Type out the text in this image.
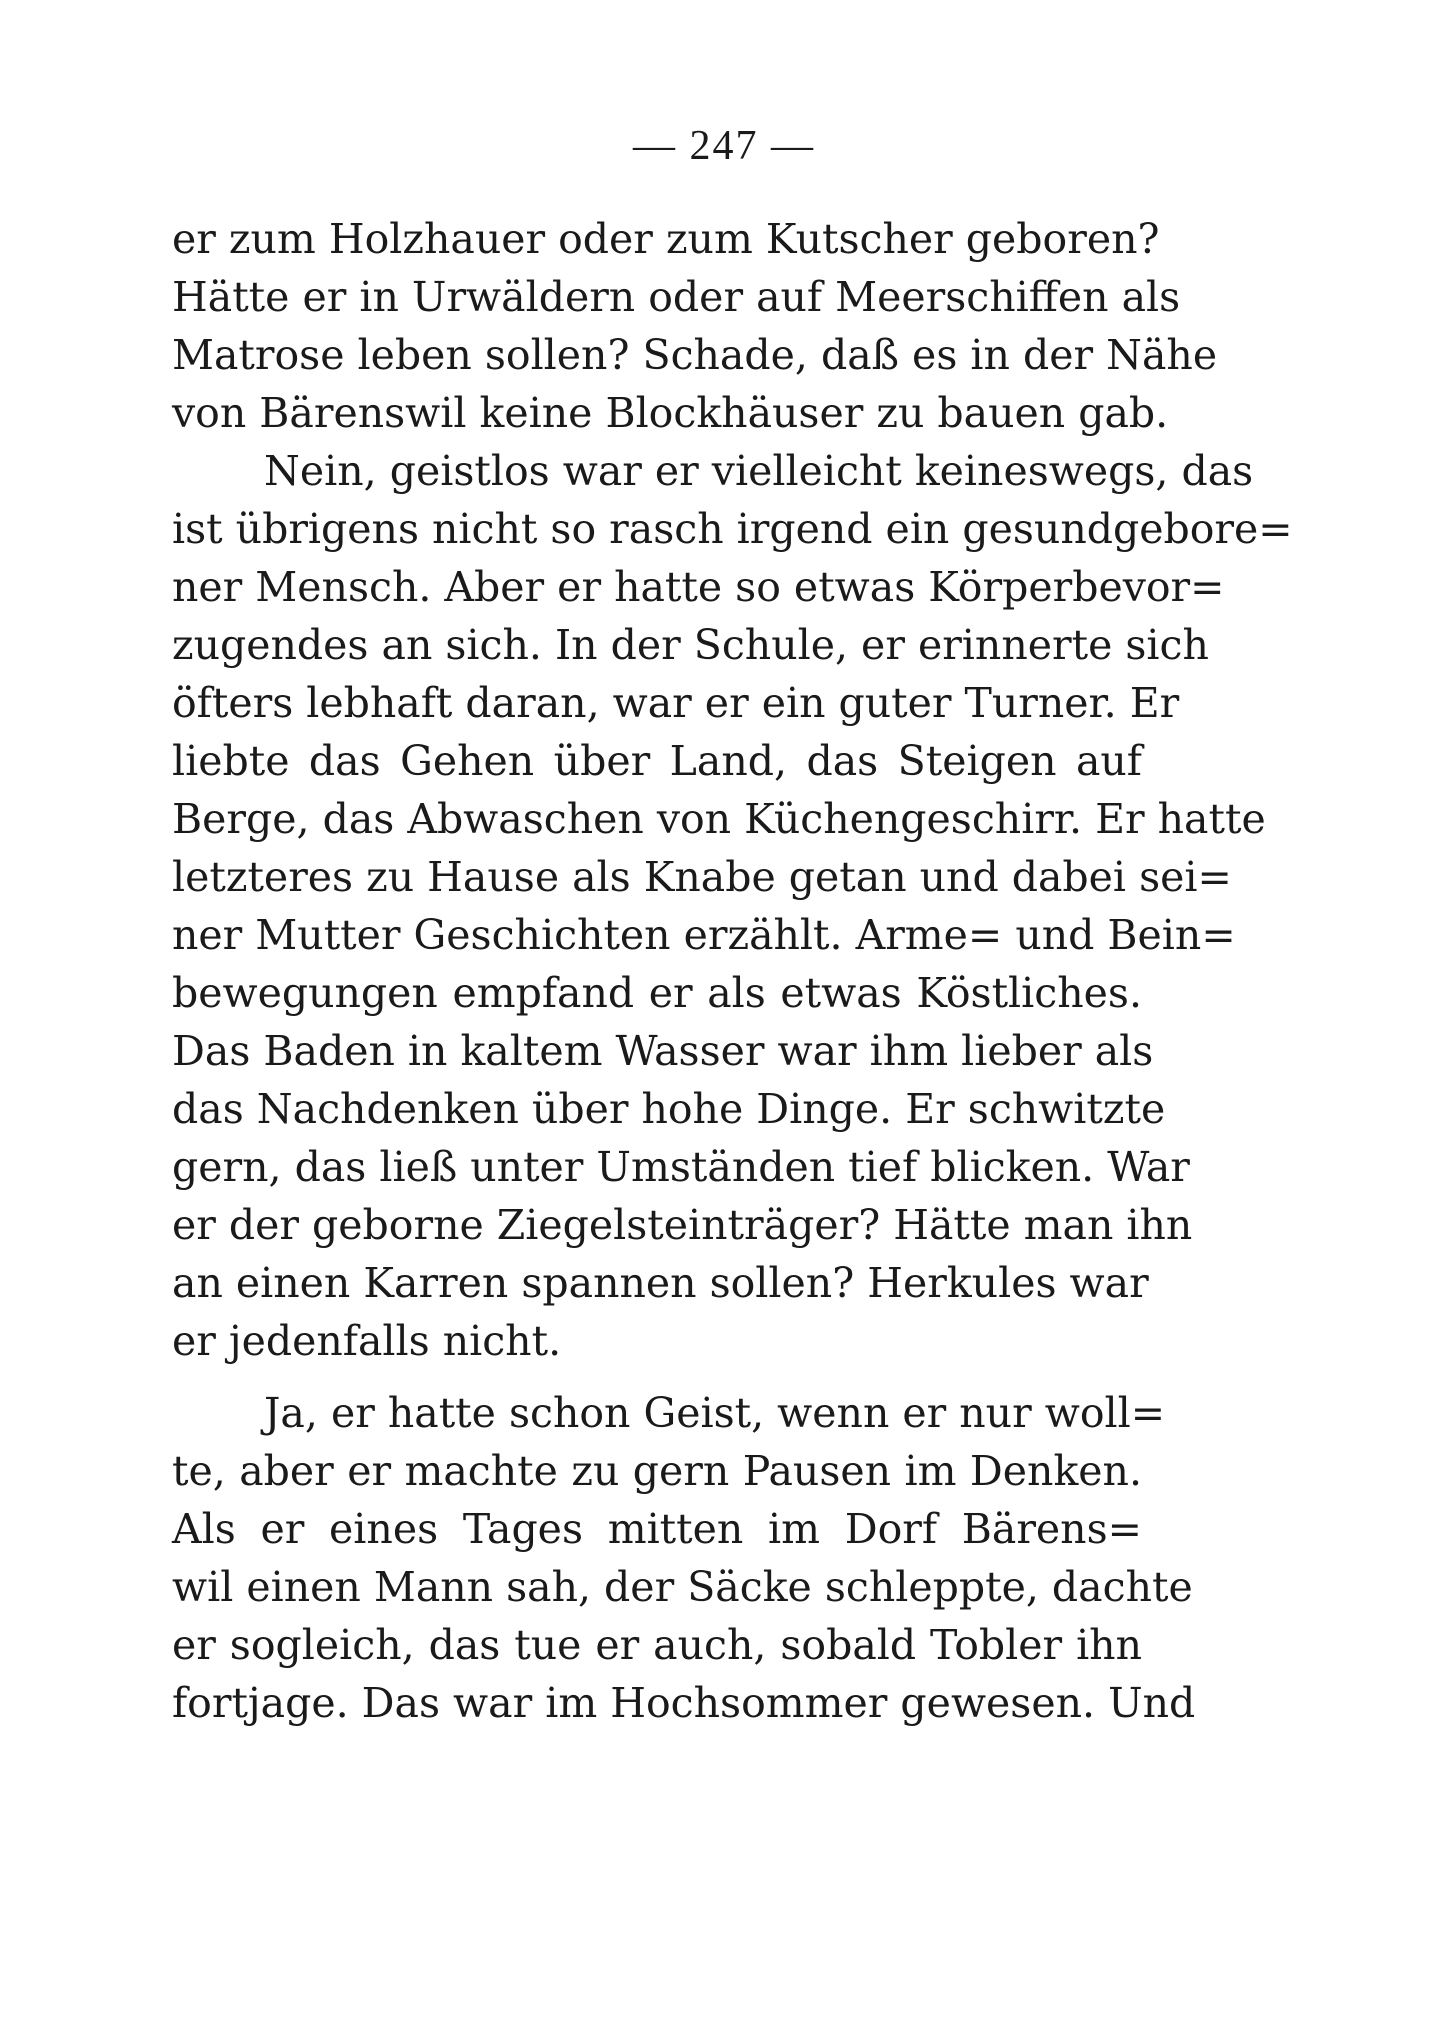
— 247 —
er zum Holzhauer oder zum Kutscher geboren?
Hätte er in Urwäldern oder auf Meerschiffen als
Matrose leben sollen? Schade, daß es in der Nähe
von Bärenswil keine Blockhäuser zu bauen gab.
Nein, geistlos war er vielleicht keineswegs, das
ist übrigens nicht so rasch irgend ein gesundgebore=
ner Mensch. Aber er hatte so etwas Körperbevor=
zugendes an sich. In der Schule, er erinnerte sich
öfters lebhaft daran, war er ein guter Turner. Er
liebte das Gehen über Land, das Steigen auf
Berge, das Abwaschen von Küchengeschirr. Er hatte
letzteres zu Hause als Knabe getan und dabei sei=
ner Mutter Geschichten erzählt. Arme= und Bein=
bewegungen empfand er als etwas Köstliches.
Das Baden in kaltem Wasser war ihm lieber als
das Nachdenken über hohe Dinge. Er schwitzte
gern, das ließ unter Umständen tief blicken. War
er der geborne Ziegelsteinträger? Hätte man ihn
an einen Karren spannen sollen? Herkules war
er jedenfalls nicht.
Ja, er hatte schon Geist, wenn er nur woll=
te, aber er machte zu gern Pausen im Denken.
Als er eines Tages mitten im Dorf Bärens=
wil einen Mann sah, der Säcke schleppte, dachte
er sogleich, das tue er auch, sobald Tobler ihn
fortjage. Das war im Hochsommer gewesen. Und
